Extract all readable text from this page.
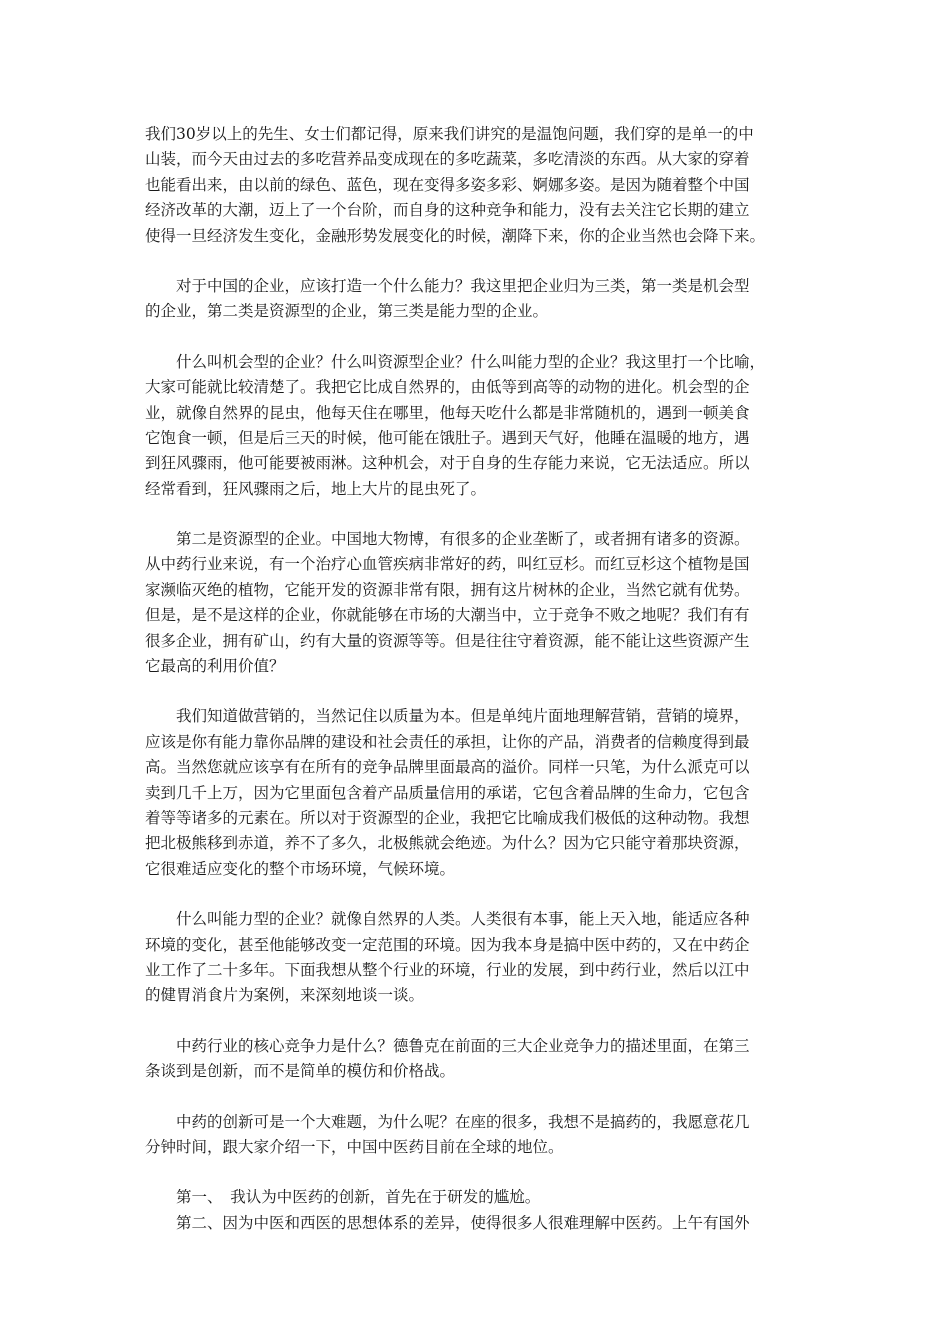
我们30岁以上的先生、女士们都记得，原来我们讲究的是温饱问题，我们穿的是单一的中
山装，而今天由过去的多吃营养品变成现在的多吃蔬菜，多吃清淡的东西。从大家的穿着
也能看出来，由以前的绿色、蓝色，现在变得多姿多彩、婀娜多姿。是因为随着整个中国
经济改革的大潮，迈上了一个台阶，而自身的这种竞争和能力，没有去关注它长期的建立
使得一旦经济发生变化，金融形势发展变化的时候，潮降下来，你的企业当然也会降下来。
　　对于中国的企业，应该打造一个什么能力？我这里把企业归为三类，第一类是机会型
的企业，第二类是资源型的企业，第三类是能力型的企业。
　　什么叫机会型的企业？什么叫资源型企业？什么叫能力型的企业？我这里打一个比喻，
大家可能就比较清楚了。我把它比成自然界的，由低等到高等的动物的进化。机会型的企
业，就像自然界的昆虫，他每天住在哪里，他每天吃什么都是非常随机的，遇到一顿美食
它饱食一顿，但是后三天的时候，他可能在饿肚子。遇到天气好，他睡在温暖的地方，遇
到狂风骤雨，他可能要被雨淋。这种机会，对于自身的生存能力来说，它无法适应。所以
经常看到，狂风骤雨之后，地上大片的昆虫死了。
　　第二是资源型的企业。中国地大物博，有很多的企业垄断了，或者拥有诸多的资源。
从中药行业来说，有一个治疗心血管疾病非常好的药，叫红豆杉。而红豆杉这个植物是国
家濒临灭绝的植物，它能开发的资源非常有限，拥有这片树林的企业，当然它就有优势。
但是，是不是这样的企业，你就能够在市场的大潮当中，立于竞争不败之地呢？我们有有
很多企业，拥有矿山，约有大量的资源等等。但是往往守着资源，能不能让这些资源产生
它最高的利用价值？
　　我们知道做营销的，当然记住以质量为本。但是单纯片面地理解营销，营销的境界，
应该是你有能力靠你品牌的建设和社会责任的承担，让你的产品，消费者的信赖度得到最
高。当然您就应该享有在所有的竞争品牌里面最高的溢价。同样一只笔，为什么派克可以
卖到几千上万，因为它里面包含着产品质量信用的承诺，它包含着品牌的生命力，它包含
着等等诸多的元素在。所以对于资源型的企业，我把它比喻成我们极低的这种动物。我想
把北极熊移到赤道，养不了多久，北极熊就会绝迹。为什么？因为它只能守着那块资源，
它很难适应变化的整个市场环境，气候环境。
　　什么叫能力型的企业？就像自然界的人类。人类很有本事，能上天入地，能适应各种
环境的变化，甚至他能够改变一定范围的环境。因为我本身是搞中医中药的，又在中药企
业工作了二十多年。下面我想从整个行业的环境，行业的发展，到中药行业，然后以江中
的健胃消食片为案例，来深刻地谈一谈。
　　中药行业的核心竞争力是什么？德鲁克在前面的三大企业竞争力的描述里面，在第三
条谈到是创新，而不是简单的模仿和价格战。
　　中药的创新可是一个大难题，为什么呢？在座的很多，我想不是搞药的，我愿意花几
分钟时间，跟大家介绍一下，中国中医药目前在全球的地位。
　　第一、　我认为中医药的创新，首先在于研发的尴尬。
　　第二、因为中医和西医的思想体系的差异，使得很多人很难理解中医药。上午有国外
